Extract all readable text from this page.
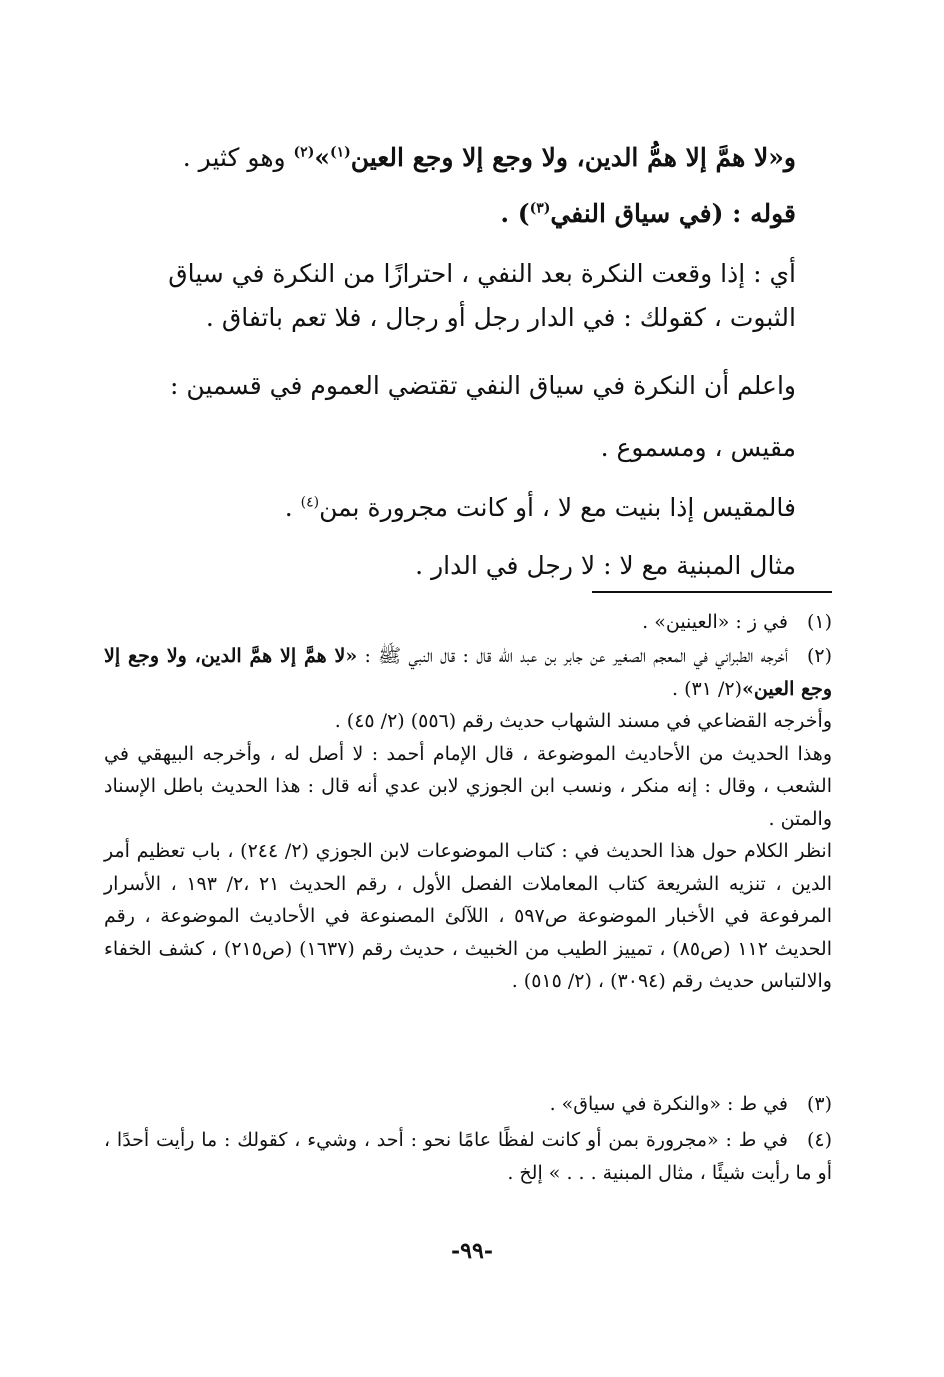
و«لا همَّ إلا همُّ الدين، ولا وجع إلا وجع العين$^{(١)}$»$^{(٢)}$ وهو كثير .
قوله : (في سياق النفي$^{(٣)}$) .
أي : إذا وقعت النكرة بعد النفي ، احترازًا من النكرة في سياق الثبوت ، كقولك : في الدار رجل أو رجال ، فلا تعم باتفاق .
واعلم أن النكرة في سياق النفي تقتضي العموم في قسمين :
مقيس ، ومسموع .
فالمقيس إذا بنيت مع لا ، أو كانت مجرورة بمن$^{(٤)}$ .
مثال المبنية مع لا : لا رجل في الدار .
(١)في ز : «العينين» .
(٢)أخرجه الطبراني في المعجم الصغير عن جابر بن عبد الله قال : قال النبي ﷺ : «لا همَّ إلا همَّ الدين، ولا وجع إلا وجع العين»(٢/ ٣١) .
وأخرجه القضاعي في مسند الشهاب حديث رقم (٥٥٦) (٢/ ٤٥) .
وهذا الحديث من الأحاديث الموضوعة ، قال الإمام أحمد : لا أصل له ، وأخرجه البيهقي في الشعب ، وقال : إنه منكر ، ونسب ابن الجوزي لابن عدي أنه قال : هذا الحديث باطل الإسناد والمتن .
انظر الكلام حول هذا الحديث في : كتاب الموضوعات لابن الجوزي (٢/ ٢٤٤) ، باب تعظيم أمر الدين ، تنزيه الشريعة كتاب المعاملات الفصل الأول ، رقم الحديث ٢١ ،٢/ ١٩٣ ، الأسرار المرفوعة في الأخبار الموضوعة ص٥٩٧ ، اللآلئ المصنوعة في الأحاديث الموضوعة ، رقم الحديث ١١٢ (ص٨٥) ، تمييز الطيب من الخبيث ، حديث رقم (١٦٣٧) (ص٢١٥) ، كشف الخفاء والالتباس حديث رقم (٣٠٩٤) ، (٢/ ٥١٥) .
(٣)في ط : «والنكرة في سياق» .
(٤)في ط : «مجرورة بمن أو كانت لفظًا عامًا نحو : أحد ، وشيء ، كقولك : ما رأيت أحدًا ، أو ما رأيت شيئًا ، مثال المبنية . . . » إلخ .
-٩٩-
